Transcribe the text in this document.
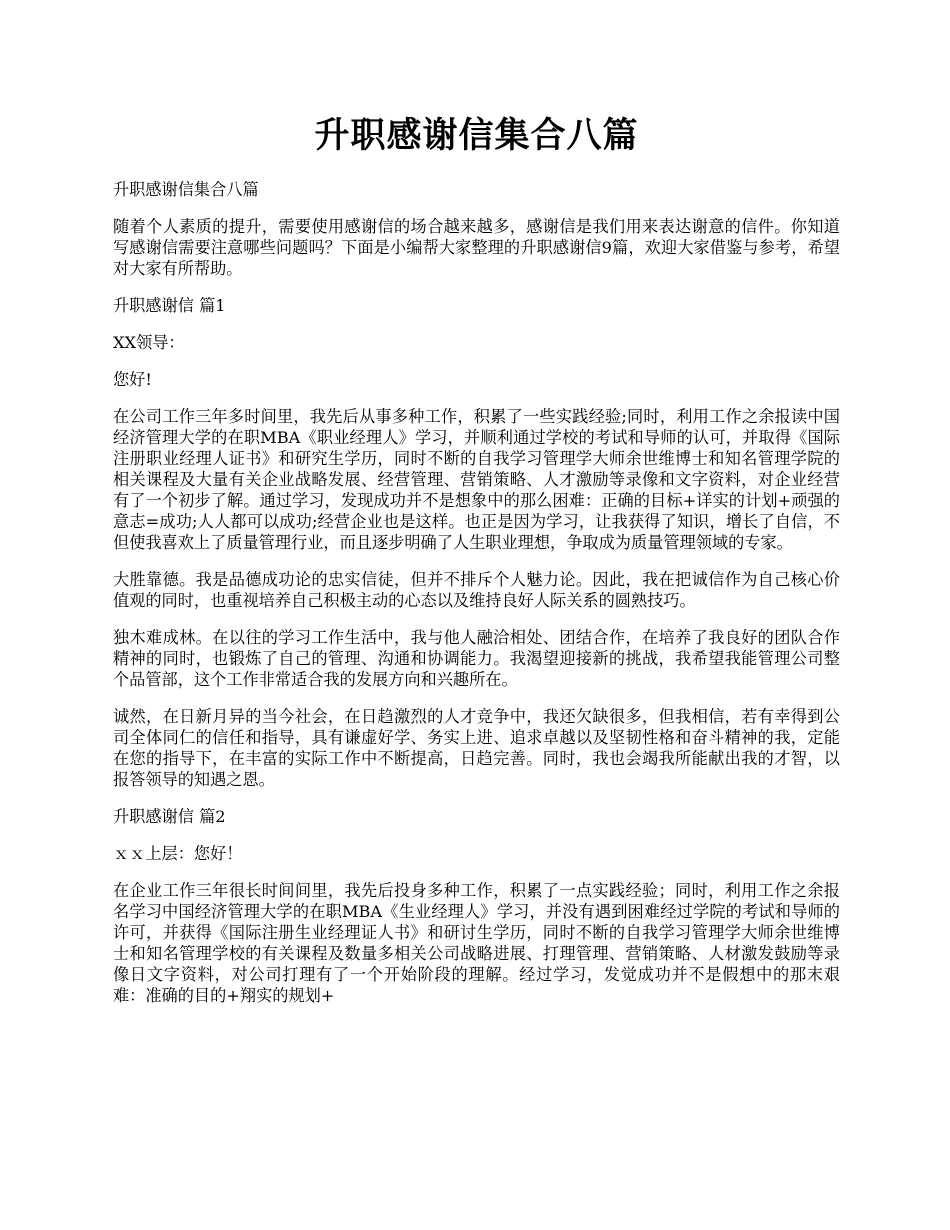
升职感谢信集合八篇

升职感谢信集合八篇

随着个人素质的提升，需要使用感谢信的场合越来越多，感谢信是我们用来表达谢意的信件。你知道写感谢信需要注意哪些问题吗？下面是小编帮大家整理的升职感谢信9篇，欢迎大家借鉴与参考，希望对大家有所帮助。

升职感谢信 篇1

XX领导：

您好!

在公司工作三年多时间里，我先后从事多种工作，积累了一些实践经验;同时，利用工作之余报读中国经济管理大学的在职MBA《职业经理人》学习，并顺利通过学校的考试和导师的认可，并取得《国际注册职业经理人证书》和研究生学历，同时不断的自我学习管理学大师余世维博士和知名管理学院的相关课程及大量有关企业战略发展、经营管理、营销策略、人才激励等录像和文字资料，对企业经营有了一个初步了解。通过学习，发现成功并不是想象中的那么困难：正确的目标+详实的计划+顽强的意志=成功;人人都可以成功;经营企业也是这样。也正是因为学习，让我获得了知识，增长了自信，不但使我喜欢上了质量管理行业，而且逐步明确了人生职业理想，争取成为质量管理领域的专家。

大胜靠德。我是品德成功论的忠实信徒，但并不排斥个人魅力论。因此，我在把诚信作为自己核心价值观的同时，也重视培养自己积极主动的心态以及维持良好人际关系的圆熟技巧。

独木难成林。在以往的学习工作生活中，我与他人融洽相处、团结合作，在培养了我良好的团队合作精神的同时，也锻炼了自己的管理、沟通和协调能力。我渴望迎接新的挑战，我希望我能管理公司整个品管部，这个工作非常适合我的发展方向和兴趣所在。

诚然，在日新月异的当今社会，在日趋激烈的人才竞争中，我还欠缺很多，但我相信，若有幸得到公司全体同仁的信任和指导，具有谦虚好学、务实上进、追求卓越以及坚韧性格和奋斗精神的我，定能在您的指导下，在丰富的实际工作中不断提高，日趋完善。同时，我也会竭我所能献出我的才智，以报答领导的知遇之恩。

升职感谢信 篇2

ｘｘ上层：您好！

在企业工作三年很长时间间里，我先后投身多种工作，积累了一点实践经验；同时，利用工作之余报名学习中国经济管理大学的在职MBA《生业经理人》学习，并没有遇到困难经过学院的考试和导师的许可，并获得《国际注册生业经理证人书》和研讨生学历，同时不断的自我学习管理学大师余世维博士和知名管理学校的有关课程及数量多相关公司战略进展、打理管理、营销策略、人材激发鼓励等录像日文字资料，对公司打理有了一个开始阶段的理解。经过学习，发觉成功并不是假想中的那末艰难：准确的目的+翔实的规划+
